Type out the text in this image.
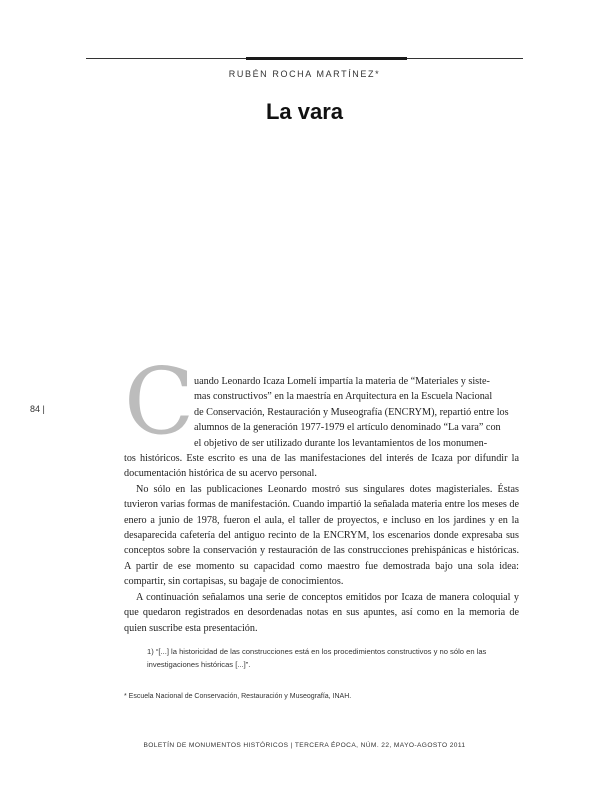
RUBÉN ROCHA MARTÍNEZ*
La vara
84 | C uando Leonardo Icaza Lomelí impartía la materia de “Materiales y siste-
mas constructivos” en la maestría en Arquitectura en la Escuela Nacional
de Conservación, Restauración y Museografía (ENCRYM), repartió entre los
alumnos de la generación 1977-1979 el artículo denominado “La vara” con
el objetivo de ser utilizado durante los levantamientos de los monumen-

tos históricos. Este escrito es una de las manifestaciones del interés de Icaza por difundir la documentación histórica de su acervo personal.

No sólo en las publicaciones Leonardo mostró sus singulares dotes magisteriales. Éstas tuvieron varias formas de manifestación. Cuando impartió la señalada materia entre los meses de enero a junio de 1978, fueron el aula, el taller de proyectos, e incluso en los jardines y en la desaparecida cafetería del antiguo recinto de la ENCRYM, los escenarios donde expresaba sus conceptos sobre la conservación y restauración de las construcciones prehispánicas e históricas. A partir de ese momento su capacidad como maestro fue demostrada bajo una sola idea: compartir, sin cortapisas, su bagaje de conocimientos.

A continuación señalamos una serie de conceptos emitidos por Icaza de manera coloquial y que quedaron registrados en desordenadas notas en sus apuntes, así como en la memoria de quien suscribe esta presentación.

1) “[...] la historicidad de las construcciones está en los procedimientos constructivos y no sólo en las investigaciones históricas [...]”.
* Escuela Nacional de Conservación, Restauración y Museografía, INAH.
BOLETÍN DE MONUMENTOS HISTÓRICOS | TERCERA ÉPOCA, NÚM. 22, MAYO-AGOSTO 2011
